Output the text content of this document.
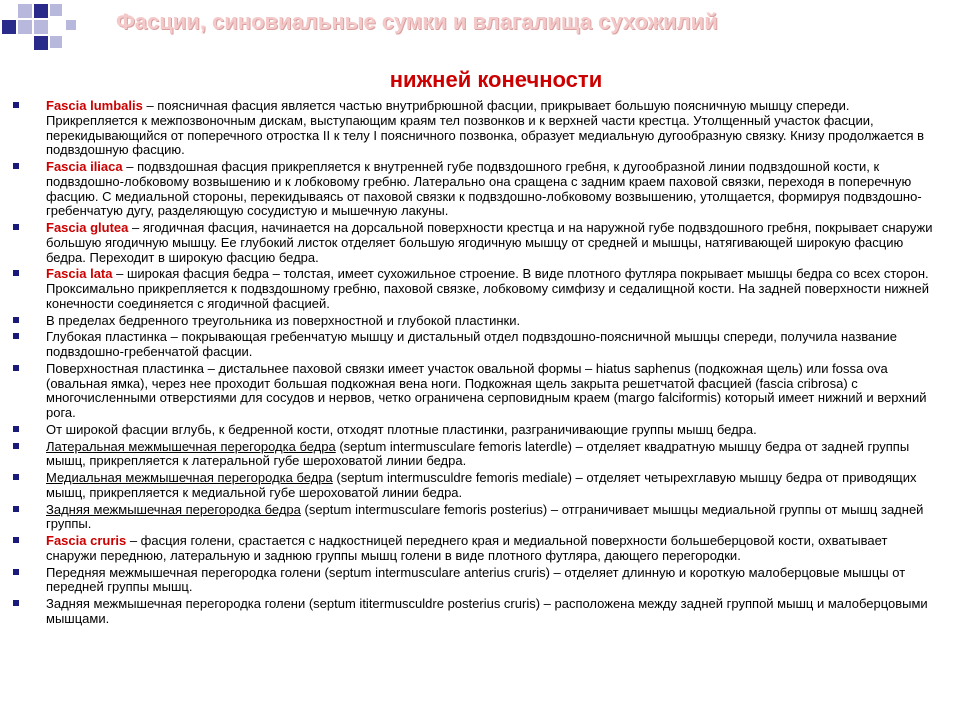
Фасции, синовиальные сумки и влагалища сухожилий
нижней конечности
Fascia lumbalis – поясничная фасция является частью внутрибрюшной фасции, прикрывает большую поясничную мышцу спереди. Прикрепляется к межпозвоночным дискам, выступающим краям тел позвонков и к верхней части крестца. Утолщенный участок фасции, перекидывающийся от поперечного отростка II к телу I поясничного позвонка, образует медиальную дугообразную связку. Книзу продолжается в подвздошную фасцию.
Fascia iliaca – подвздошная фасция прикрепляется к внутренней губе подвздошного гребня, к дугообразной линии подвздошной кости, к подвздошно-лобковому возвышению и к лобковому гребню. Латерально она сращена с задним краем паховой связки, переходя в поперечную фасцию. С медиальной стороны, перекидываясь от паховой связки к подвздошно-лобковому возвышению, утолщается, формируя подвздошно-гребенчатую дугу, разделяющую сосудистую и мышечную лакуны.
Fascia glutea – ягодичная фасция, начинается на дорсальной поверхности крестца и на наружной губе подвздошного гребня, покрывает снаружи большую ягодичную мышцу. Ее глубокий листок отделяет большую ягодичную мышцу от средней и мышцы, натягивающей широкую фасцию бедра. Переходит в широкую фасцию бедра.
Fascia lata – широкая фасция бедра – толстая, имеет сухожильное строение. В виде плотного футляра покрывает мышцы бедра со всех сторон. Проксимально прикрепляется к подвздошному гребню, паховой связке, лобковому симфизу и седалищной кости. На задней поверхности нижней конечности соединяется с ягодичной фасцией.
В пределах бедренного треугольника из поверхностной и глубокой пластинки.
Глубокая пластинка – покрывающая гребенчатую мышцу и дистальный отдел подвздошно-поясничной мышцы спереди, получила название подвздошно-гребенчатой фасции.
Поверхностная пластинка – дистальнее паховой связки имеет участок овальной формы – hiatus saphenus (подкожная щель) или fossa ova (овальная ямка), через нее проходит большая подкожная вена ноги. Подкожная щель закрыта решетчатой фасцией (fascia cribrosa) с многочисленными отверстиями для сосудов и нервов, четко ограничена серповидным краем (margo falciformis) который имеет нижний и верхний рога.
От широкой фасции вглубь, к бедренной кости, отходят плотные пластинки, разграничивающие группы мышц бедра.
Латеральная межмышечная перегородка бедра (septum intermusculare femoris laterdle) – отделяет квадратную мышцу бедра от задней группы мышц, прикрепляется к латеральной губе шероховатой линии бедра.
Медиальная межмышечная перегородка бедра (septum intermusculdre femoris mediale) – отделяет четырехглавую мышцу бедра от приводящих мышц, прикрепляется к медиальной губе шероховатой линии бедра.
Задняя межмышечная перегородка бедра (septum intermusculare femoris posterius) – отграничивает мышцы медиальной группы от мышц задней группы.
Fascia cruris – фасция голени, срастается с надкостницей переднего края и медиальной поверхности большеберцовой кости, охватывает снаружи переднюю, латеральную и заднюю группы мышц голени в виде плотного футляра, дающего перегородки.
Передняя межмышечная перегородка голени (septum intermusculare anterius cruris) – отделяет длинную и короткую малоберцовые мышцы от передней группы мышц.
Задняя межмышечная перегородка голени (septum ititermusculdre posterius cruris) – расположена между задней группой мышц и малоберцовыми мышцами.
